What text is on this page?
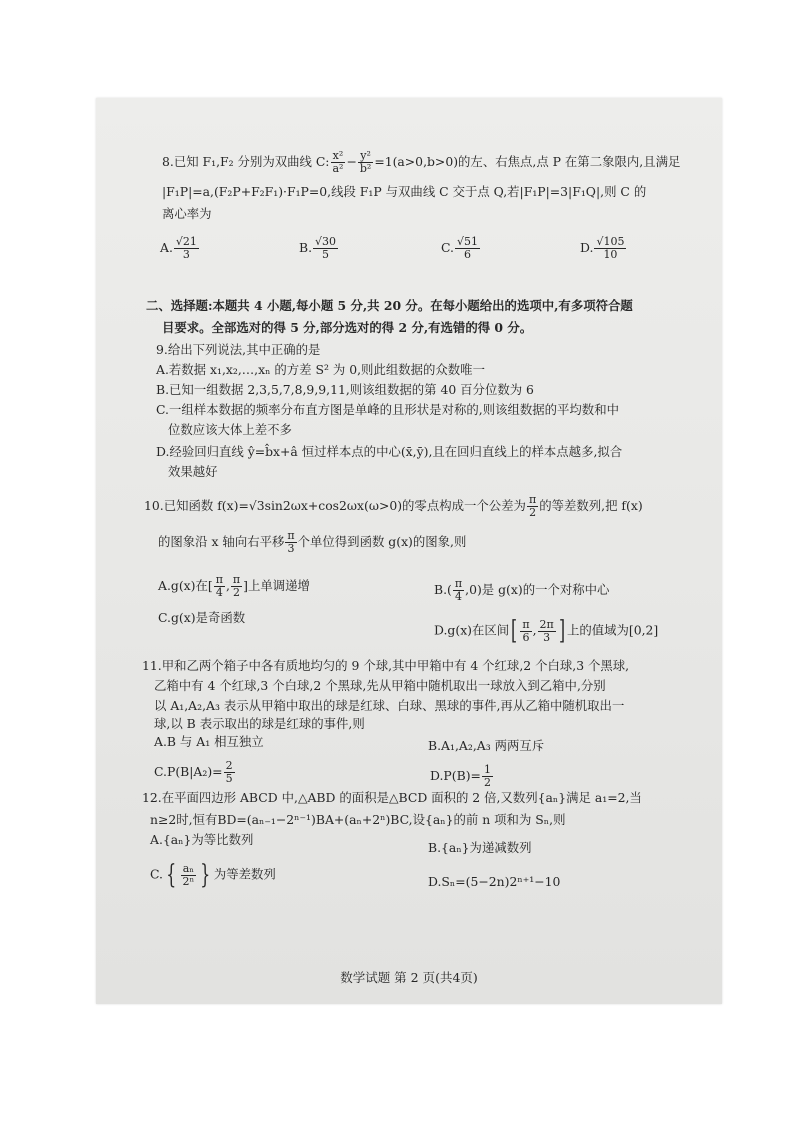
8.已知 F₁,F₂ 分别为双曲线 C: $\frac{\text{x²}}{\text{a²}} - \frac{\text{y²}}{\text{b²}} =1(a>0,b>0)$的左、右焦点,点 P 在第二象限内,且满足
|F₁P|=a,(F₂P+F₂F₁)·F₁P=0,线段 F₁P 与双曲线 C 交于点 Q,若|F₁P|=3|F₁Q|,则 C 的
离心率为
A. $\frac{√21}{3}$	B. $\frac{√30}{5}$	C. $\frac{√51}{6}$	D. $\frac{√105}{10}$
二、选择题:本题共 4 小题,每小题 5 分,共 20 分。在每小题给出的选项中,有多项符合题
目要求。全部选对的得 5 分,部分选对的得 2 分,有选错的得 0 分。
9.给出下列说法,其中正确的是
A.若数据 x₁,x₂,…,xₙ 的方差 S² 为 0,则此组数据的众数唯一
B.已知一组数据 2,3,5,7,8,9,9,11,则该组数据的第 40 百分位数为 6
C.一组样本数据的频率分布直方图是单峰的且形状是对称的,则该组数据的平均数和中
位数应该大体上差不多
D.经验回归直线 ŷ=b̂x+â 恒过样本点的中心(x̄,ȳ),且在回归直线上的样本点越多,拟合
效果越好
10.已知函数 f(x)=√3sin2ωx+cos2ωx(ω>0)的零点构成一个公差为 $\frac{\pi}{2}$ 的等差数列,把 f(x)
的图象沿 x 轴向右平移 $\frac{\pi}{3}$ 个单位得到函数 g(x)的图象,则
A.g(x)在[ $\frac{\pi}{4}$ , $\frac{\pi}{2}$ ]上单调递增	$B.( \frac{\pi}{4} ,0)$是 g(x)的一个对称中心
C.g(x)是奇函数
D.g(x)在区间[ $\frac{\pi}{6}$ , $\frac{2\pi}{3}$ ] 上的值域为[0,2]
11.甲和乙两个箱子中各有质地均匀的 9 个球,其中甲箱中有 4 个红球,2 个白球,3 个黑球,
乙箱中有 4 个红球,3 个白球,2 个黑球,先从甲箱中随机取出一球放入到乙箱中,分别
以 A₁,A₂,A₃ 表示从甲箱中取出的球是红球、白球、黑球的事件,再从乙箱中随机取出一
球,以 B 表示取出的球是红球的事件,则
A.B 与 A₁ 相互独立	B.A₁,A₂,A₃ 两两互斥
$C.P(B|A_2)= \frac{2}{5}$	$D.P(B)= \frac{1}{2}$
12.在平面四边形 ABCD 中,△ABD 的面积是△BCD 面积的 2 倍,又数列{aₙ}满足 a₁=2,当
n≥2时,恒有BD=(aₙ₋₁−2ⁿ⁻¹)BA+(aₙ+2ⁿ)BC,设{aₙ}的前 n 项和为 Sₙ,则
A.{aₙ}为等比数列
B.{aₙ}为递减数列
C. { $\frac{\text{aₙ}}{\text{2ⁿ}}$ } 为等差数列	D.Sₙ=(5−2n)2ⁿ⁺¹−10
数学试题 第 2 页(共4页)
